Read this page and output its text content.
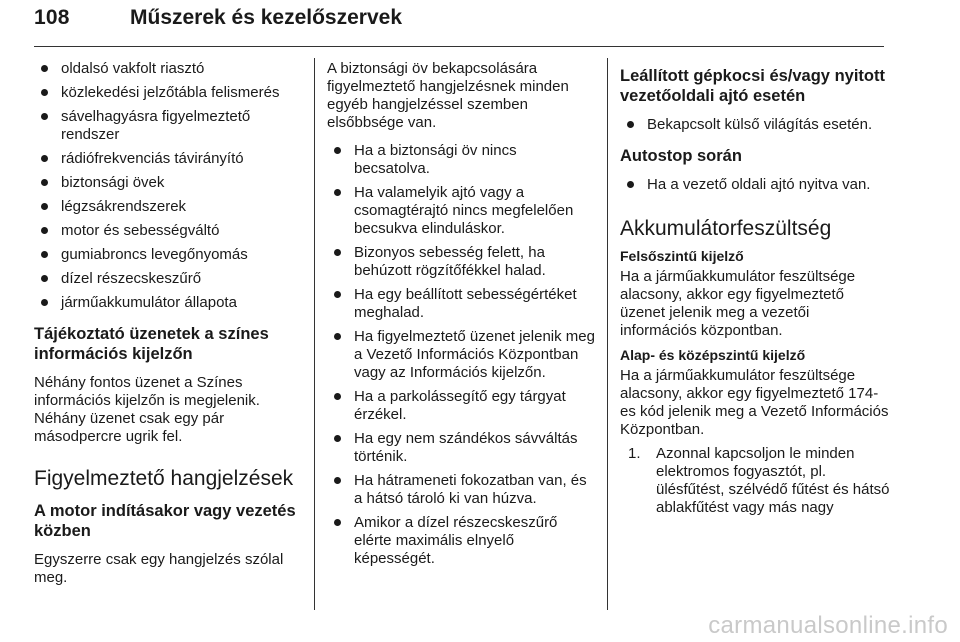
108	Műszerek és kezelőszervek
oldalsó vakfolt riasztó
közlekedési jelzőtábla felismerés
sávelhagyásra figyelmeztető rendszer
rádiófrekvenciás távirányító
biztonsági övek
légzsákrendszerek
motor és sebességváltó
gumiabroncs levegőnyomás
dízel részecskeszűrő
járműakkumulátor állapota
Tájékoztató üzenetek a színes információs kijelzőn

Néhány fontos üzenet a Színes információs kijelzőn is megjelenik. Néhány üzenet csak egy pár másodpercre ugrik fel.

Figyelmeztető hangjelzések
A motor indításakor vagy vezetés közben

Egyszerre csak egy hangjelzés szólal meg.

A biztonsági öv bekapcsolására figyelmeztető hangjelzésnek minden egyéb hangjelzéssel szemben elsőbbsége van.

Ha a biztonsági öv nincs becsatolva.
Ha valamelyik ajtó vagy a csomagtérajtó nincs megfelelően becsukva elinduláskor.
Bizonyos sebesség felett, ha behúzott rögzítőfékkel halad.
Ha egy beállított sebességértéket meghalad.
Ha figyelmeztető üzenet jelenik meg a Vezető Információs Központban vagy az Információs kijelzőn.
Ha a parkolássegítő egy tárgyat érzékel.
Ha egy nem szándékos sávváltás történik.
Ha hátrameneti fokozatban van, és a hátsó tároló ki van húzva.
Amikor a dízel részecskeszűrő elérte maximális elnyelő képességét.
Leállított gépkocsi és/vagy nyitott vezetőoldali ajtó esetén
Bekapcsolt külső világítás esetén.
Autostop során
Ha a vezető oldali ajtó nyitva van.
Akkumulátorfeszültség
Felsőszintű kijelző

Ha a járműakkumulátor feszültsége alacsony, akkor egy figyelmeztető üzenet jelenik meg a vezetői információs központban.

Alap- és középszintű kijelző

Ha a járműakkumulátor feszültsége alacsony, akkor egy figyelmeztető 174-es kód jelenik meg a Vezető Információs Központban.

1. Azonnal kapcsoljon le minden elektromos fogyasztót, pl. ülésfűtést, szélvédő fűtést és hátsó ablakfűtést vagy más nagy
carmanualsonline.info
